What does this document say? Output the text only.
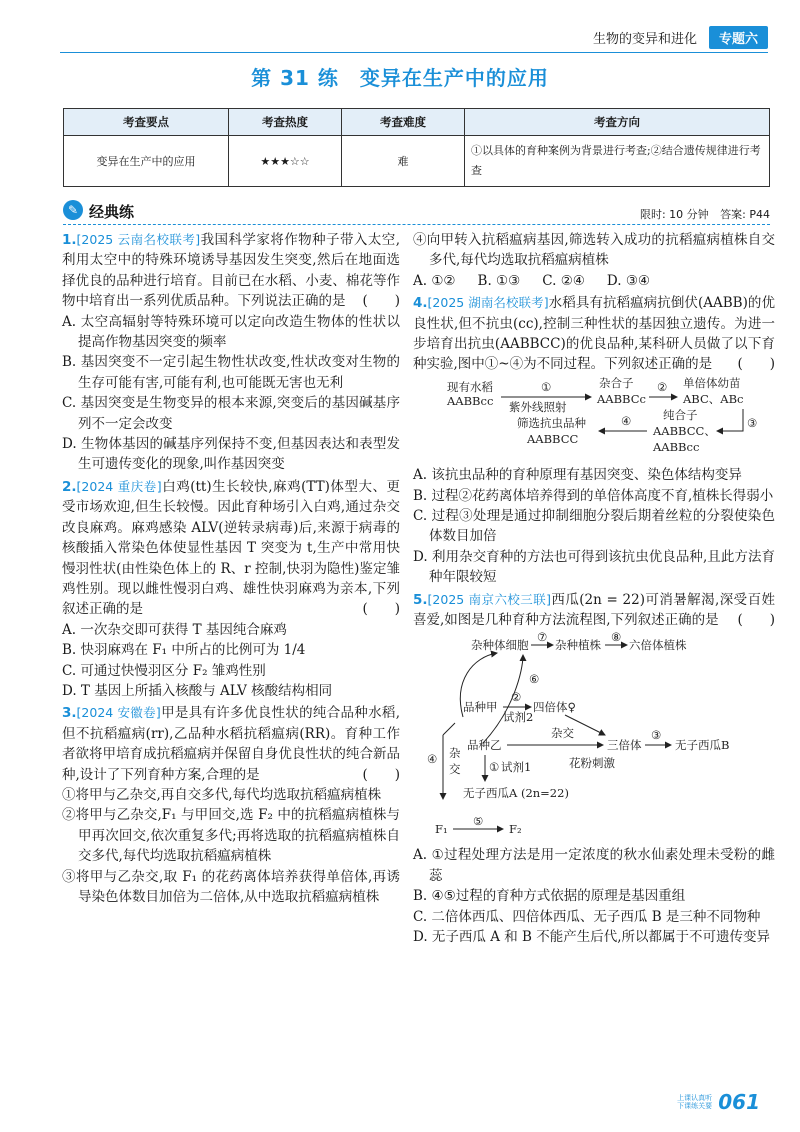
生物的变异和进化	专题六
第 31 练　变异在生产中的应用
考查要点	考查热度	考查难度	考查方向
变异在生产中的应用	★★★☆☆	难	①以具体的育种案例为背景进行考查;②结合遗传规律进行考查
✎ 经典练	限时: 10 分钟 答案: P44
1.[2025 云南名校联考]我国科学家将作物种子带入太空,利用太空中的特殊环境诱导基因发生突变,然后在地面选择优良的品种进行培育。目前已在水稻、小麦、棉花等作物中培育出一系列优质品种。下列说法正确的是 (　　)
A. 太空高辐射等特殊环境可以定向改造生物体的性状以提高作物基因突变的频率
B. 基因突变不一定引起生物性状改变,性状改变对生物的生存可能有害,可能有利,也可能既无害也无利
C. 基因突变是生物变异的根本来源,突变后的基因碱基序列不一定会改变
D. 生物体基因的碱基序列保持不变,但基因表达和表型发生可遗传变化的现象,叫作基因突变
2.[2024 重庆卷]白鸡(tt)生长较快,麻鸡(TT)体型大、更受市场欢迎,但生长较慢。因此育种场引入白鸡,通过杂交改良麻鸡。麻鸡感染 ALV(逆转录病毒)后,来源于病毒的核酸插入常染色体使显性基因 T 突变为 t,生产中常用快慢羽性状(由性染色体上的 R、r 控制,快羽为隐性)鉴定雏鸡性别。现以雌性慢羽白鸡、雄性快羽麻鸡为亲本,下列叙述正确的是	(　　)
A. 一次杂交即可获得 T 基因纯合麻鸡
B. 快羽麻鸡在 F₁ 中所占的比例可为 1/4
C. 可通过快慢羽区分 F₂ 雏鸡性别
D. T 基因上所插入核酸与 ALV 核酸结构相同
3.[2024 安徽卷]甲是具有许多优良性状的纯合品种水稻,但不抗稻瘟病(rr),乙品种水稻抗稻瘟病(RR)。育种工作者欲将甲培育成抗稻瘟病并保留自身优良性状的纯合新品种,设计了下列育种方案,合理的是	(　　)
①将甲与乙杂交,再自交多代,每代均选取抗稻瘟病植株
②将甲与乙杂交,F₁ 与甲回交,选 F₂ 中的抗稻瘟病植株与甲再次回交,依次重复多代;再将选取的抗稻瘟病植株自交多代,每代均选取抗稻瘟病植株
③将甲与乙杂交,取 F₁ 的花药离体培养获得单倍体,再诱导染色体数目加倍为二倍体,从中选取抗稻瘟病植株
④向甲转入抗稻瘟病基因,筛选转入成功的抗稻瘟病植株自交多代,每代均选取抗稻瘟病植株
A. ①② B. ①③ C. ②④ D. ③④
4.[2025 湖南名校联考]水稻具有抗稻瘟病抗倒伏(AABB)的优良性状,但不抗虫(cc),控制三种性状的基因独立遗传。为进一步培育出抗虫(AABBCC)的优良品种,某科研人员做了以下育种实验,图中①~④为不同过程。下列叙述正确的是 (　　)
现有水稻
AABBcc
①
紫外线照射
杂合子
AABBCc
② 单倍体幼苗
ABC、ABc
③
纯合子
AABBCC、
AABBcc
④
筛选抗虫品种
AABBCC
A. 该抗虫品种的育种原理有基因突变、染色体结构变异
B. 过程②花药离体培养得到的单倍体高度不育,植株长得弱小
C. 过程③处理是通过抑制细胞分裂后期着丝粒的分裂使染色体数目加倍
D. 利用杂交育种的方法也可得到该抗虫优良品种,且此方法育种年限较短
5.[2025 南京六校三联]西瓜(2n = 22)可消暑解渴,深受百姓喜爱,如图是几种育种方法流程图,下列叙述正确的是 (　　)
杂种体细胞
⑦
杂种植株
⑧
六倍体植株
⑥
品种甲
②
试剂2
四倍体♀
杂交
品种乙	三倍体
③
无子西瓜B
花粉刺激
① 试剂1
无子西瓜A (2n=22)
④ 杂
交

F₁
⑤
F₂
A. ①过程处理方法是用一定浓度的秋水仙素处理未受粉的雌蕊
B. ④⑤过程的育种方式依据的原理是基因重组
C. 二倍体西瓜、四倍体西瓜、无子西瓜 B 是三种不同物种
D. 无子西瓜 A 和 B 不能产生后代,所以都属于不可遗传变异
上课认真听 下课练关要 061
